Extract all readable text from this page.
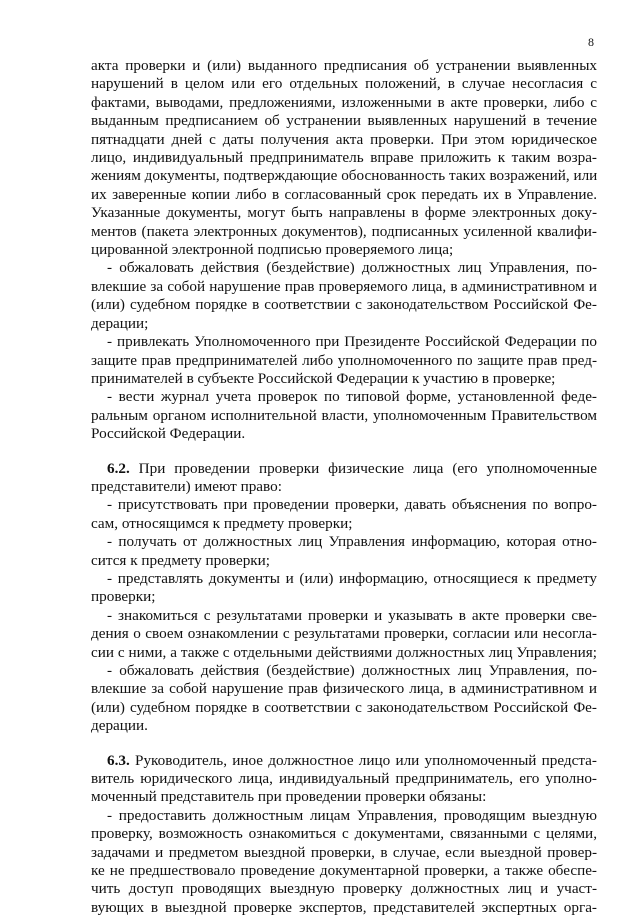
8
акта проверки и (или) выданного предписания об устранении выявленных
нарушений в целом или его отдельных положений, в случае несогласия с
фактами, выводами, предложениями, изложенными в акте проверки, либо с
выданным предписанием об устранении выявленных нарушений в течение
пятнадцати дней с даты получения акта проверки. При этом юридическое
лицо, индивидуальный предприниматель вправе приложить к таким возра-
жениям документы, подтверждающие обоснованность таких возражений, или
их заверенные копии либо в согласованный срок передать их в Управление.
Указанные документы, могут быть направлены в форме электронных доку-
ментов (пакета электронных документов), подписанных усиленной квалифи-
цированной электронной подписью проверяемого лица;
- обжаловать действия (бездействие) должностных лиц Управления, по-
влекшие за собой нарушение прав проверяемого лица, в административном и
(или) судебном порядке в соответствии с законодательством Российской Фе-
дерации;
- привлекать Уполномоченного при Президенте Российской Федерации по
защите прав предпринимателей либо уполномоченного по защите прав пред-
принимателей в субъекте Российской Федерации к участию в проверке;
- вести журнал учета проверок по типовой форме, установленной феде-
ральным органом исполнительной власти, уполномоченным Правительством
Российской Федерации.
6.2. При проведении проверки физические лица (его уполномоченные
представители) имеют право:
- присутствовать при проведении проверки, давать объяснения по вопро-
сам, относящимся к предмету проверки;
- получать от должностных лиц Управления информацию, которая отно-
сится к предмету проверки;
- представлять документы и (или) информацию, относящиеся к предмету
проверки;
- знакомиться с результатами проверки и указывать в акте проверки све-
дения о своем ознакомлении с результатами проверки, согласии или несогла-
сии с ними, а также с отдельными действиями должностных лиц Управления;
- обжаловать действия (бездействие) должностных лиц Управления, по-
влекшие за собой нарушение прав физического лица, в административном и
(или) судебном порядке в соответствии с законодательством Российской Фе-
дерации.
6.3. Руководитель, иное должностное лицо или уполномоченный предста-
витель юридического лица, индивидуальный предприниматель, его уполно-
моченный представитель при проведении проверки обязаны:
- предоставить должностным лицам Управления, проводящим выездную
проверку, возможность ознакомиться с документами, связанными с целями,
задачами и предметом выездной проверки, в случае, если выездной провер-
ке не предшествовало проведение документарной проверки, а также обеспе-
чить доступ проводящих выездную проверку должностных лиц и участ-
вующих в выездной проверке экспертов, представителей экспертных орга-
